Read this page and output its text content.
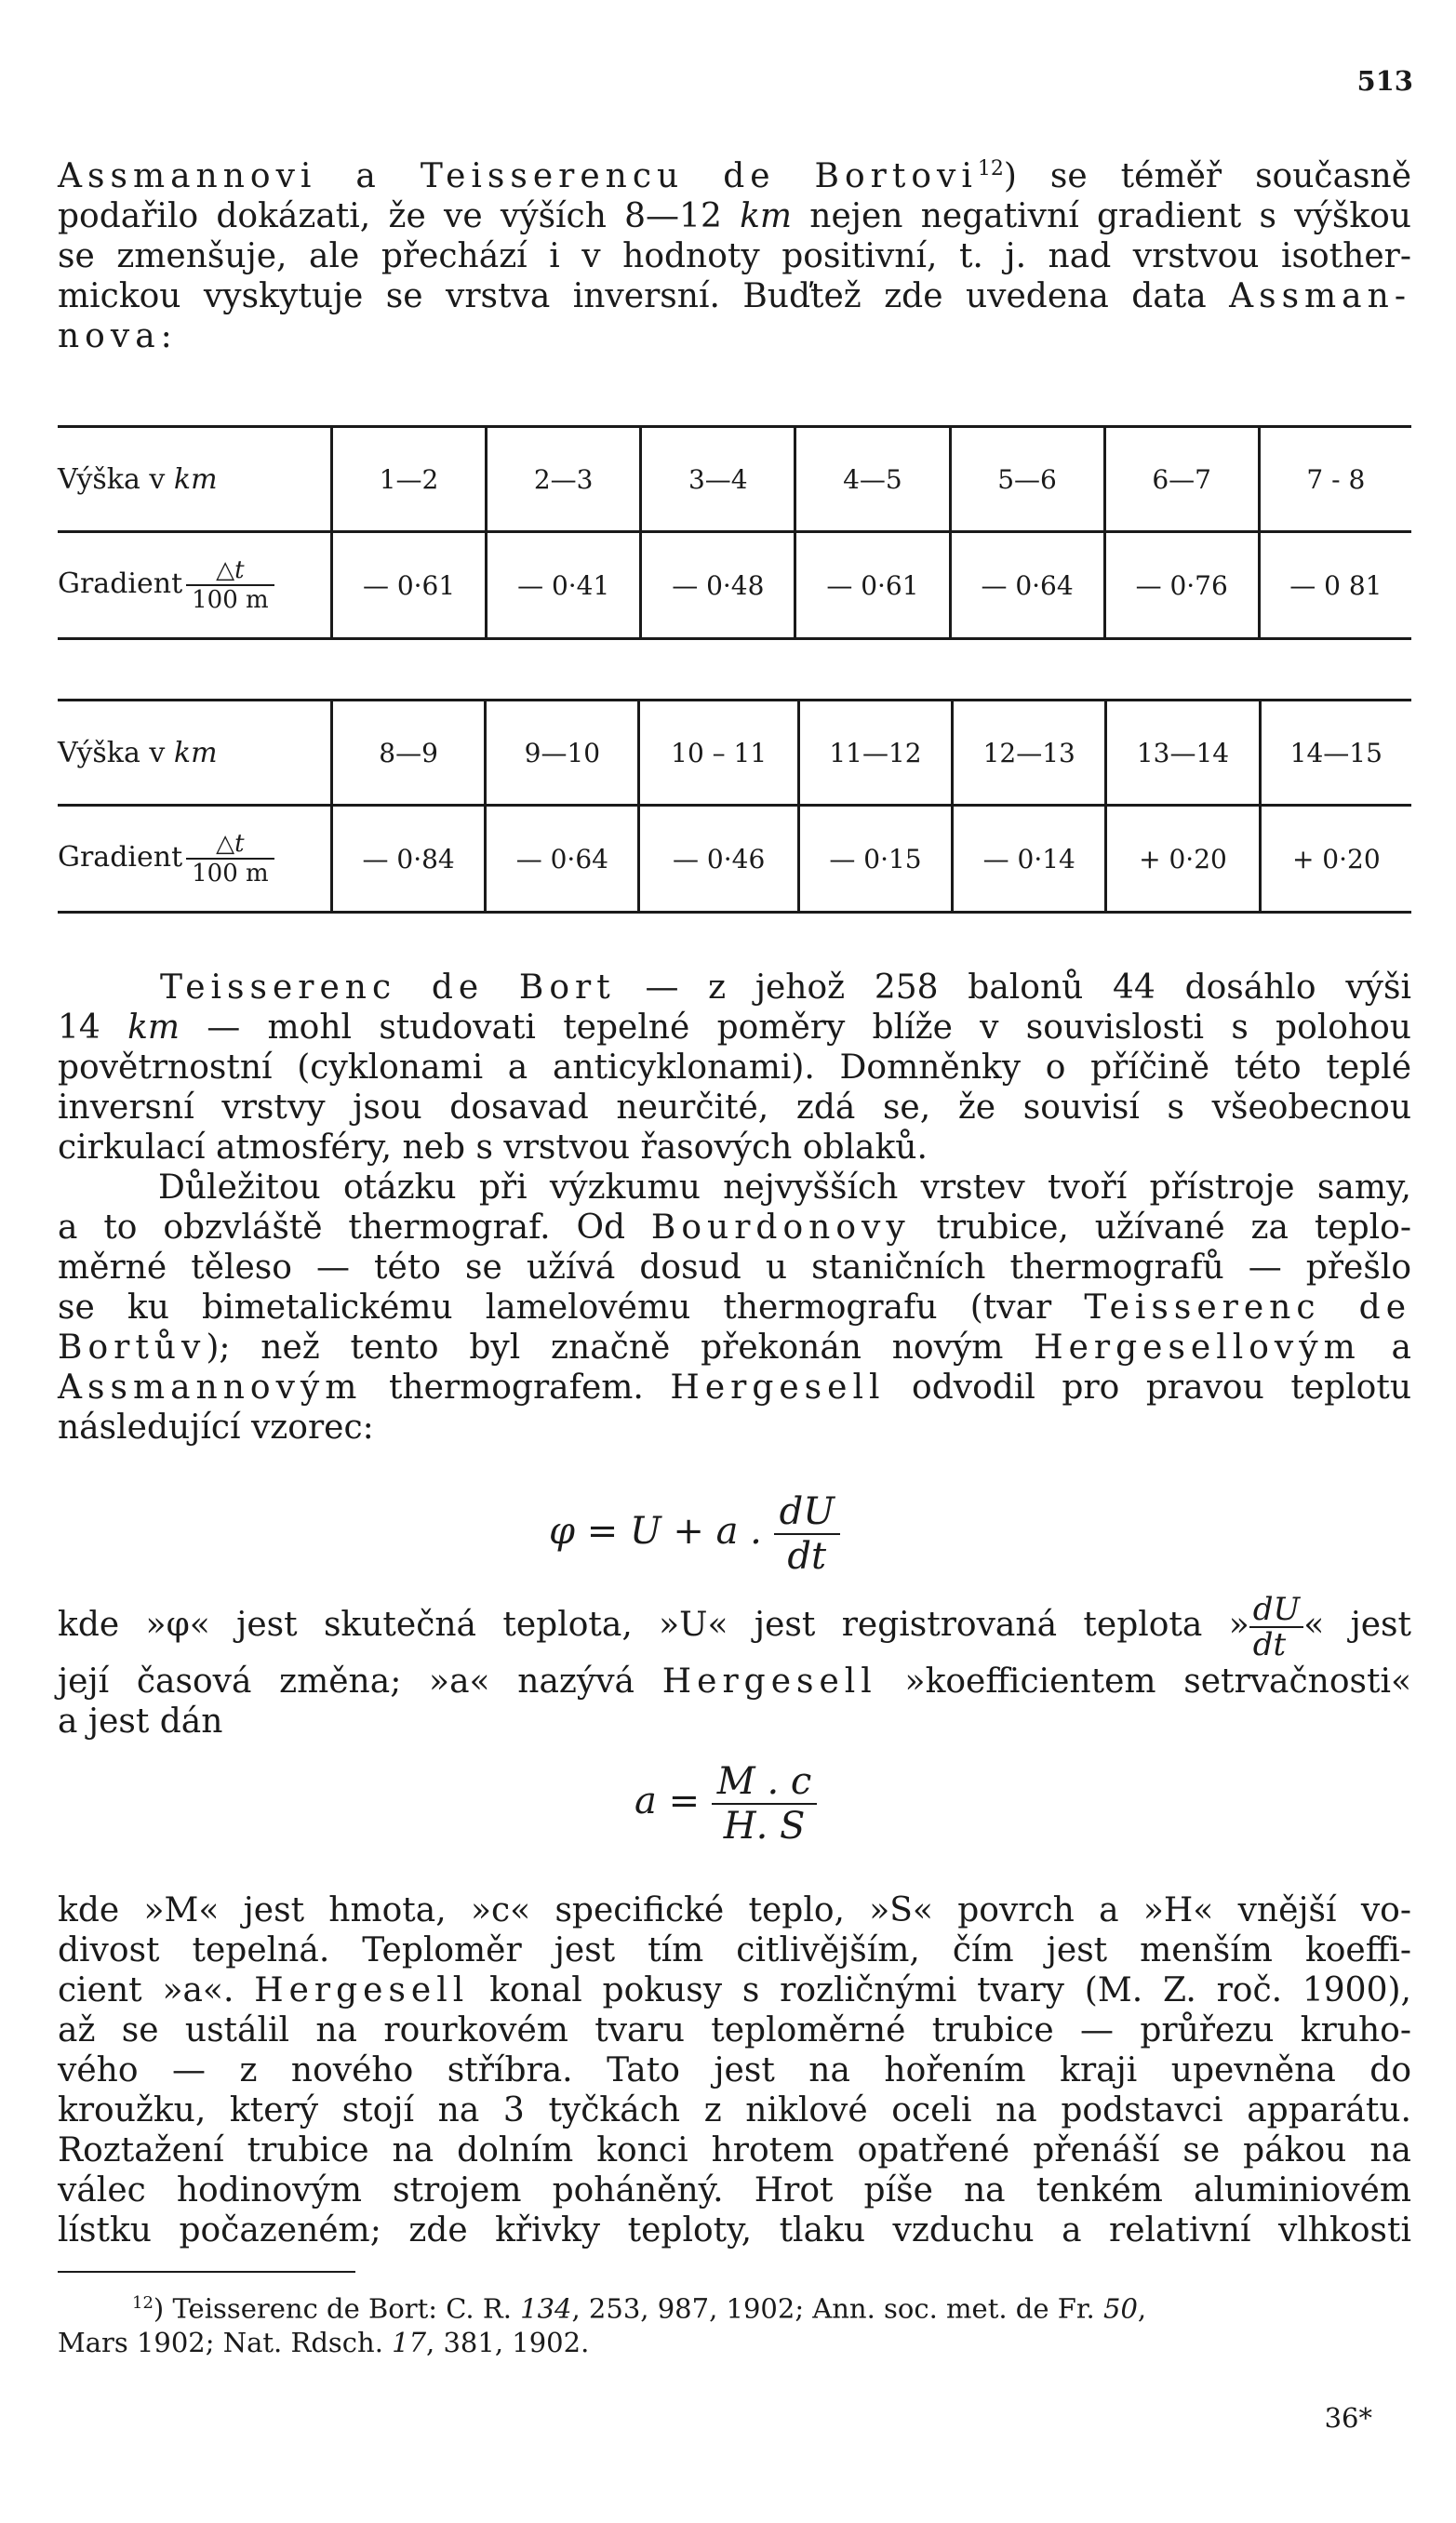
513
Assmannovi a Teisserencu de Bortovi$^{12}$) se téměř současně
podařilo dokázati, že ve výších 8—12 km nejen negativní gradient s výškou
se zmenšuje, ale přechází i v hodnoty positivní, t. j. nad vrstvou isother-
mickou vyskytuje se vrstva inversní. Buďtež zde uvedena data Assman-
nova:
Výška v km	1—2	2—3	3—4	4—5	5—6	6—7	7 - 8
Gradient $\frac{\triangle t}{100 m}$	— 0·61	— 0·41	— 0·48	— 0·61	— 0·64	— 0·76	— 0 81
Výška v km	8—9	9—10	10 – 11	11—12	12—13	13—14	14—15
Gradient $\frac{\triangle t}{100 m}$	— 0·84	— 0·64	— 0·46	— 0·15	— 0·14	+ 0·20	+ 0·20
Teisserenc de Bort — z jehož 258 balonů 44 dosáhlo výši
14 km — mohl studovati tepelné poměry blíže v souvislosti s polohou
povětrnostní (cyklonami a anticyklonami). Domněnky o příčině této teplé
inversní vrstvy jsou dosavad neurčité, zdá se, že souvisí s všeobecnou
cirkulací atmosféry, neb s vrstvou řasových oblaků.
Důležitou otázku při výzkumu nejvyšších vrstev tvoří přístroje samy,
a to obzvláště thermograf. Od Bourdonovy trubice, užívané za teplo-
měrné těleso — této se užívá dosud u staničních thermografů — přešlo
se ku bimetalickému lamelovému thermografu (tvar Teisserenc de
Bortův); než tento byl značně překonán novým Hergesellovým a
Assmannovým thermografem. Hergesell odvodil pro pravou teplotu
následující vzorec:
φ = U + a . $\frac{dU}{dt}$
kde »φ« jest skutečná teplota, »U« jest registrovaná teplota » $\frac{dU}{dt}$ « jest
její časová změna; »a« nazývá Hergesell »koefficientem setrvačnosti«
a jest dán
$a = \frac{M . c}{H. S}$
kde »M« jest hmota, »c« specifické teplo, »S« povrch a »H« vnější vo-
divost tepelná. Teploměr jest tím citlivějším, čím jest menším koeffi-
cient »a«. Hergesell konal pokusy s rozličnými tvary (M. Z. roč. 1900),
až se ustálil na rourkovém tvaru teploměrné trubice — průřezu kruho-
vého — z nového stříbra. Tato jest na hořením kraji upevněna do
kroužku, který stojí na 3 tyčkách z niklové oceli na podstavci apparátu.
Roztažení trubice na dolním konci hrotem opatřené přenáší se pákou na
válec hodinovým strojem poháněný. Hrot píše na tenkém aluminiovém
lístku počazeném; zde křivky teploty, tlaku vzduchu a relativní vlhkosti
$^{12}$) Teisserenc de Bort: C. R. 134, 253, 987, 1902; Ann. soc. met. de Fr. 50,
Mars 1902; Nat. Rdsch. 17, 381, 1902.
36*
